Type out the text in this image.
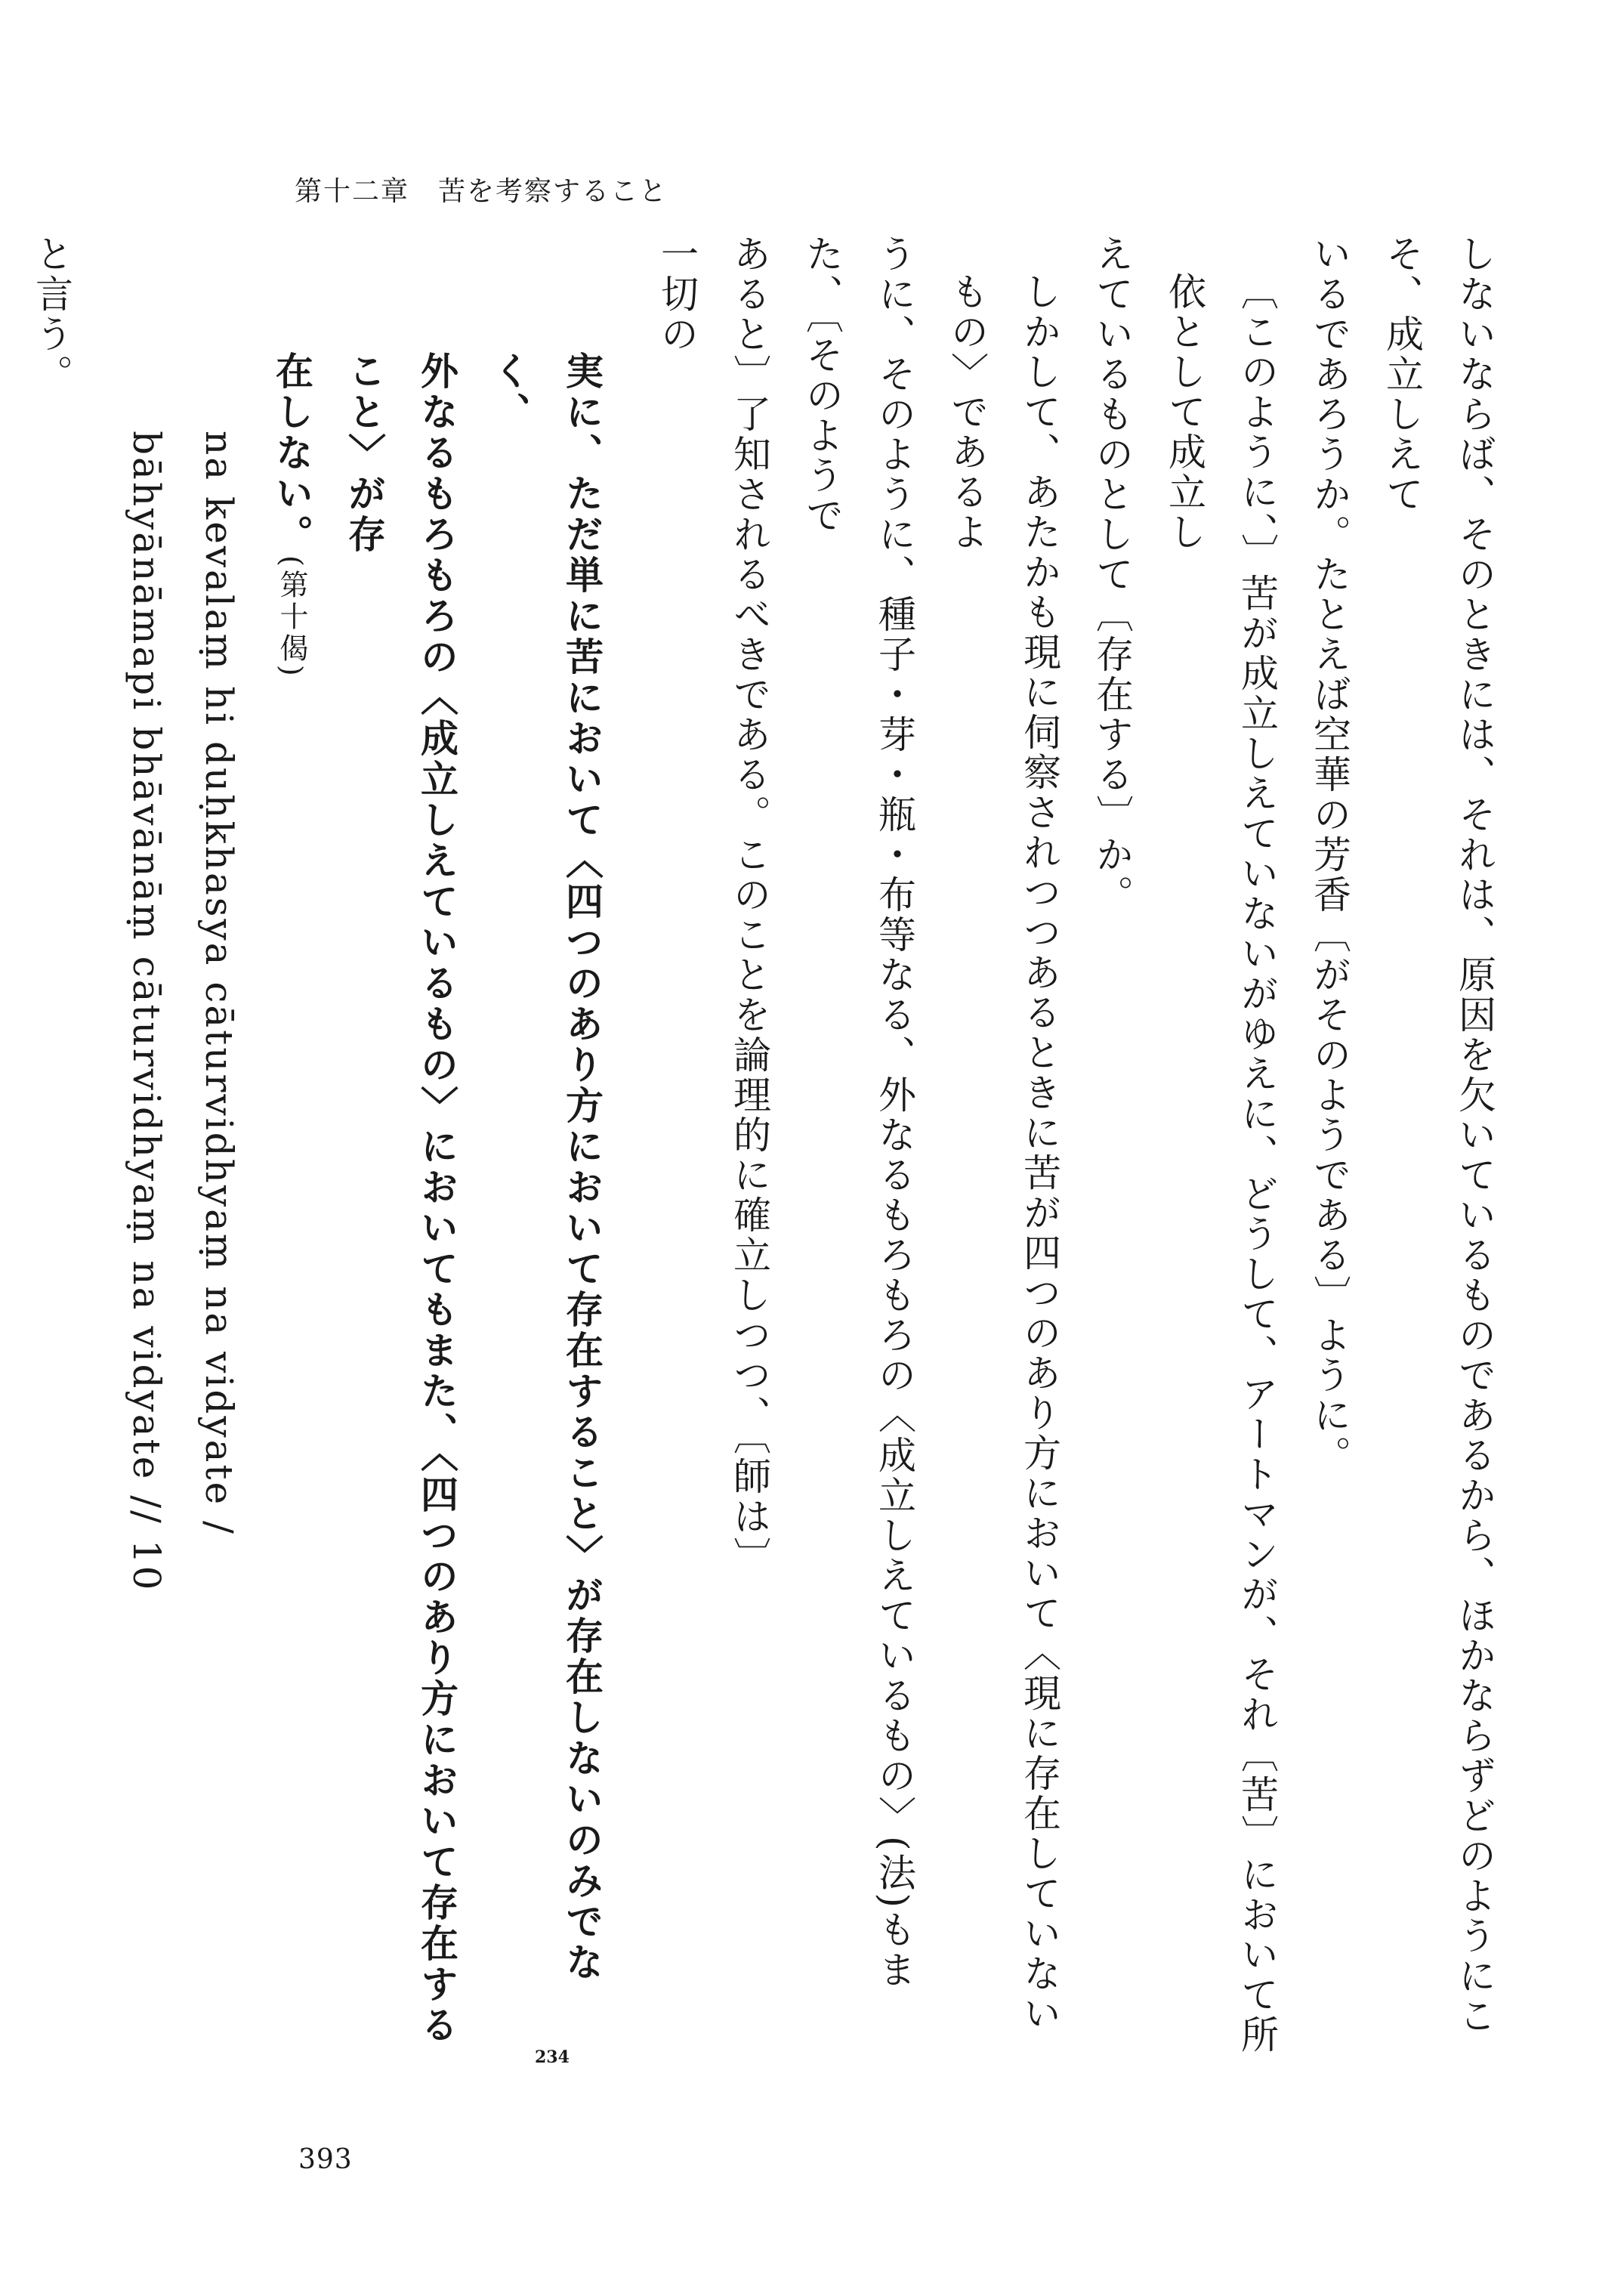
第十二章　苦を考察すること
しないならば、そのときには、それは、原因を欠いているものであるから、ほかならずどのようにこそ、成立しえて
いるであろうか。たとえば空華の芳香〔がそのようである〕ように。
〔このように、〕苦が成立しえていないがゆえに、どうして、アートマンが、それ〔苦〕において所依として成立し
えているものとして〔存在する〕か。
しかして、あたかも現に伺察されつつあるときに苦が四つのあり方において〈現に存在していないもの〉であるよ
うに、そのように、種子・芽・瓶・布等なる、外なるもろもろの〈成立しえているもの〉(法)もまた、〔そのようで
あると〕了知されるべきである。このことを論理的に確立しつつ、〔師は〕
一切の
実に、ただ単に苦において〈四つのあり方において存在すること〉が存在しないのみでなく、
外なるもろもろの〈成立しえているもの〉においてもまた、〈四つのあり方において存在すること〉が存
在しない。(第十偈)
na kevalaṃ hi duḥkhasya cāturvidhyaṃ na vidyate /
bāhyānāmapi bhāvānāṃ cāturvidhyaṃ na vidyate // 10
と言う。
234
393
